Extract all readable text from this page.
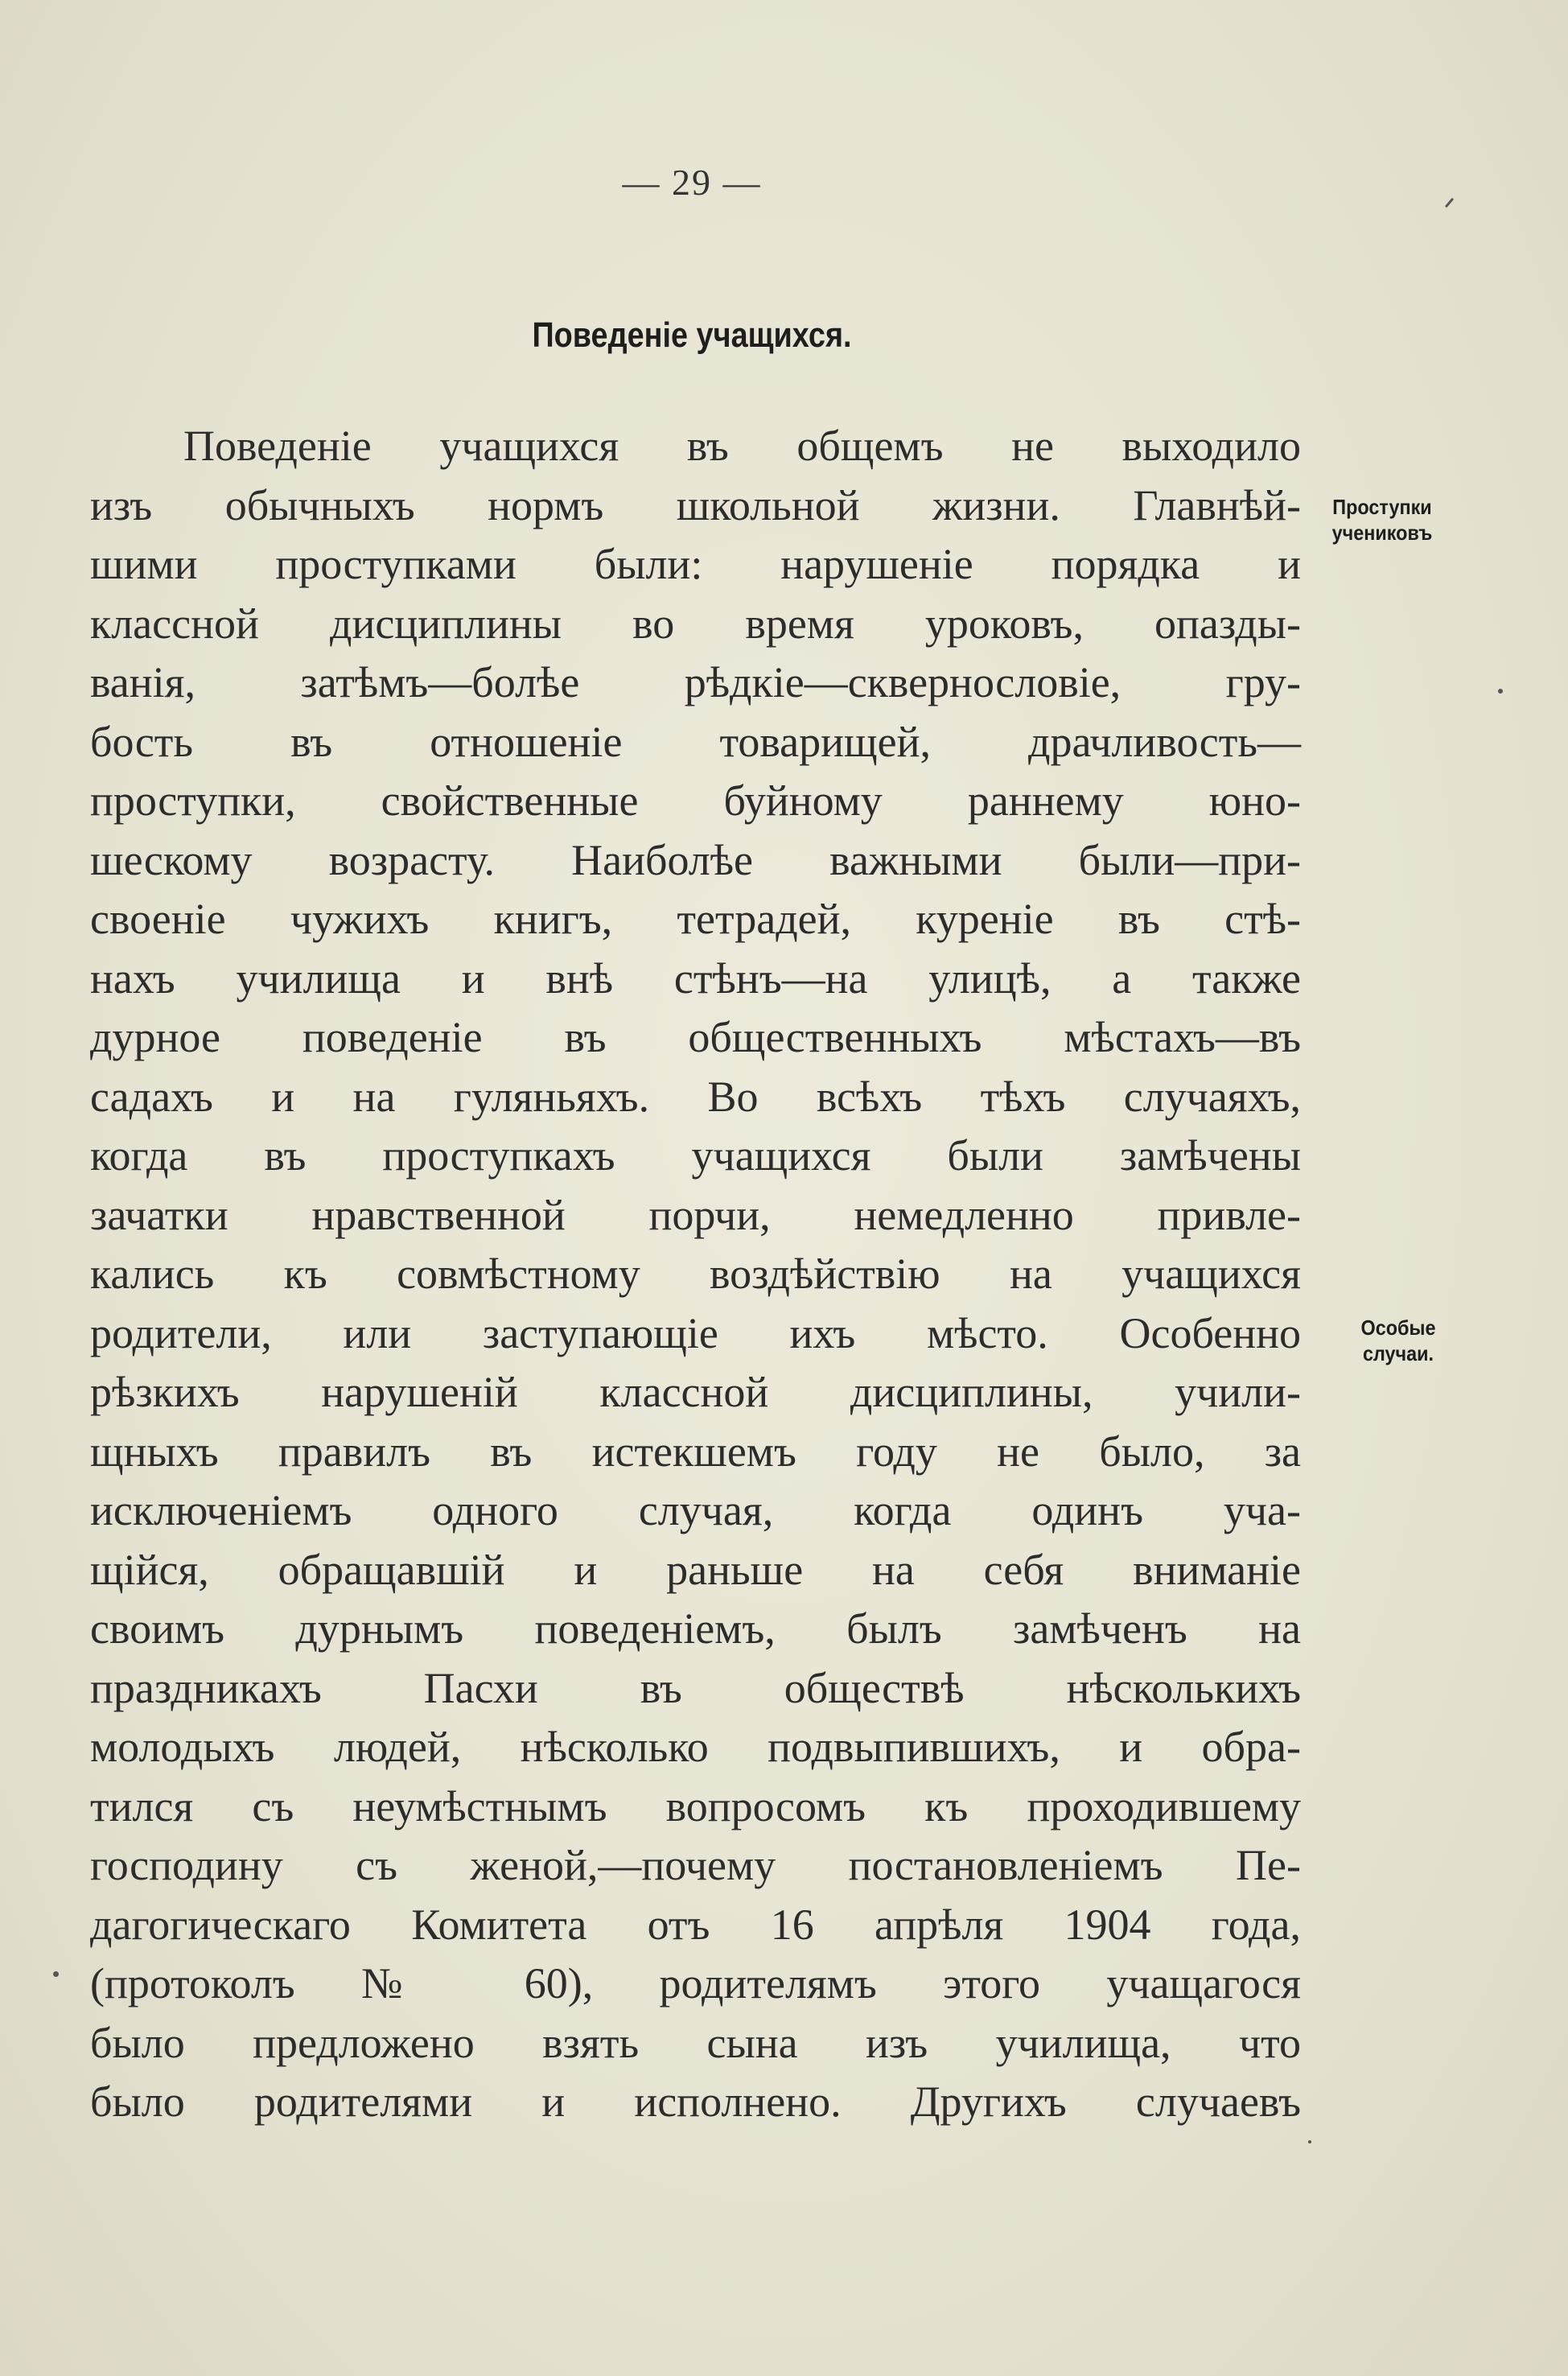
— 29 —
Поведенie учащихся.
Проступки
учениковъ
Особые
случаи.
Поведенiе учащихся въ общемъ не выходило
изъ обычныхъ нормъ школьной жизни. Главнѣй-
шими проступками были: нарушенiе порядка и
классной дисциплины во время уроковъ, опазды-
ванія, затѣмъ—болѣе рѣдкiе—сквернословiе, гру-
бость въ отношенiе товарищей, драчливость—
проступки, свойственные буйному раннему юно-
шескому возрасту. Наиболѣе важными были—при-
своенiе чужихъ книгъ, тетрадей, куренiе въ стѣ-
нахъ училища и внѣ стѣнъ—на улицѣ, а также
дурное поведенiе въ общественныхъ мѣстахъ—въ
садахъ и на гуляньяхъ. Во всѣхъ тѣхъ случаяхъ,
когда въ проступкахъ учащихся были замѣчены
зачатки нравственной порчи, немедленно привле-
кались къ совмѣстному воздѣйствiю на учащихся
родители, или заступающiе ихъ мѣсто. Особенно
рѣзкихъ нарушенiй классной дисциплины, учили-
щныхъ правилъ въ истекшемъ году не было, за
исключенiемъ одного случая, когда одинъ уча-
щiйся, обращавшiй и раньше на себя вниманiе
своимъ дурнымъ поведенiемъ, былъ замѣченъ на
праздникахъ Пасхи въ обществѣ нѣсколькихъ
молодыхъ людей, нѣсколько подвыпившихъ, и обра-
тился съ неумѣстнымъ вопросомъ къ проходившему
господину съ женой,—почему постановленiемъ Пе-
дагогическаго Комитета отъ 16 апрѣля 1904 года,
(протоколъ № 60), родителямъ этого учащагося
было предложено взять сына изъ училища, что
было родителями и исполнено. Другихъ случаевъ
